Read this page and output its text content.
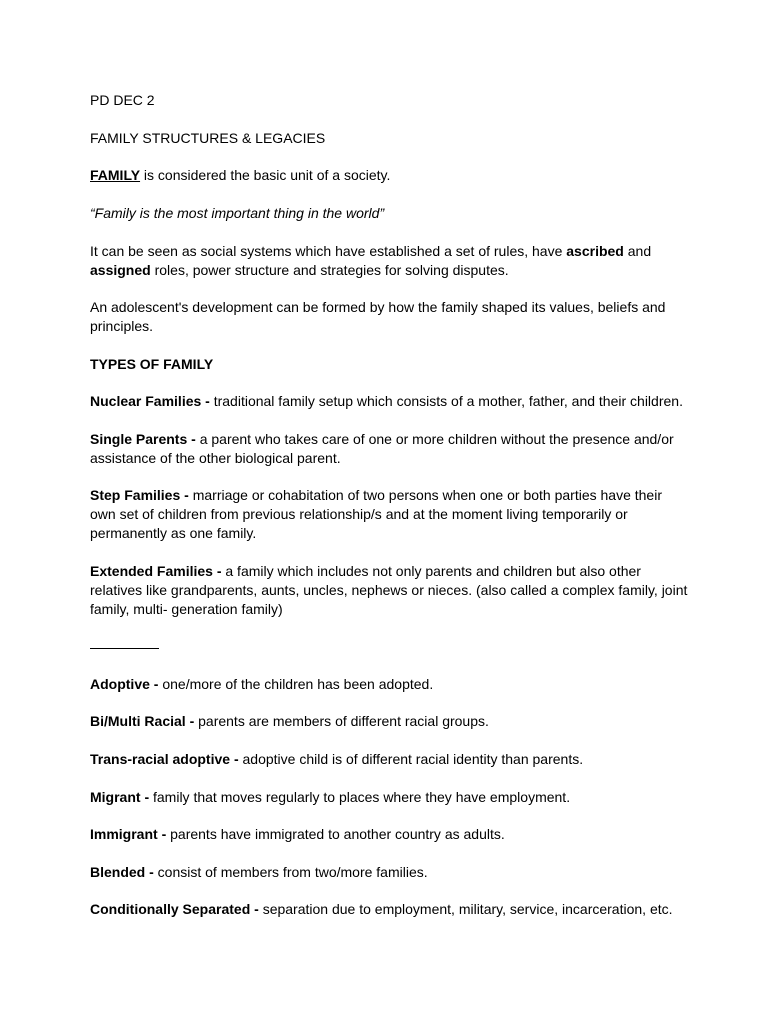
PD DEC 2

FAMILY STRUCTURES & LEGACIES

FAMILY is considered the basic unit of a society.

“Family is the most important thing in the world”

It can be seen as social systems which have established a set of rules, have ascribed and assigned roles, power structure and strategies for solving disputes.

An adolescent's development can be formed by how the family shaped its values, beliefs and principles.

TYPES OF FAMILY

Nuclear Families - traditional family setup which consists of a mother, father, and their children.

Single Parents - a parent who takes care of one or more children without the presence and/or assistance of the other biological parent.

Step Families - marriage or cohabitation of two persons when one or both parties have their own set of children from previous relationship/s and at the moment living temporarily or permanently as one family.

Extended Families - a family which includes not only parents and children but also other relatives like grandparents, aunts, uncles, nephews or nieces. (also called a complex family, joint family, multi- generation family)

Adoptive - one/more of the children has been adopted.

Bi/Multi Racial - parents are members of different racial groups.

Trans-racial adoptive - adoptive child is of different racial identity than parents.

Migrant - family that moves regularly to places where they have employment.

Immigrant - parents have immigrated to another country as adults.

Blended - consist of members from two/more families.

Conditionally Separated - separation due to employment, military, service, incarceration, etc.
